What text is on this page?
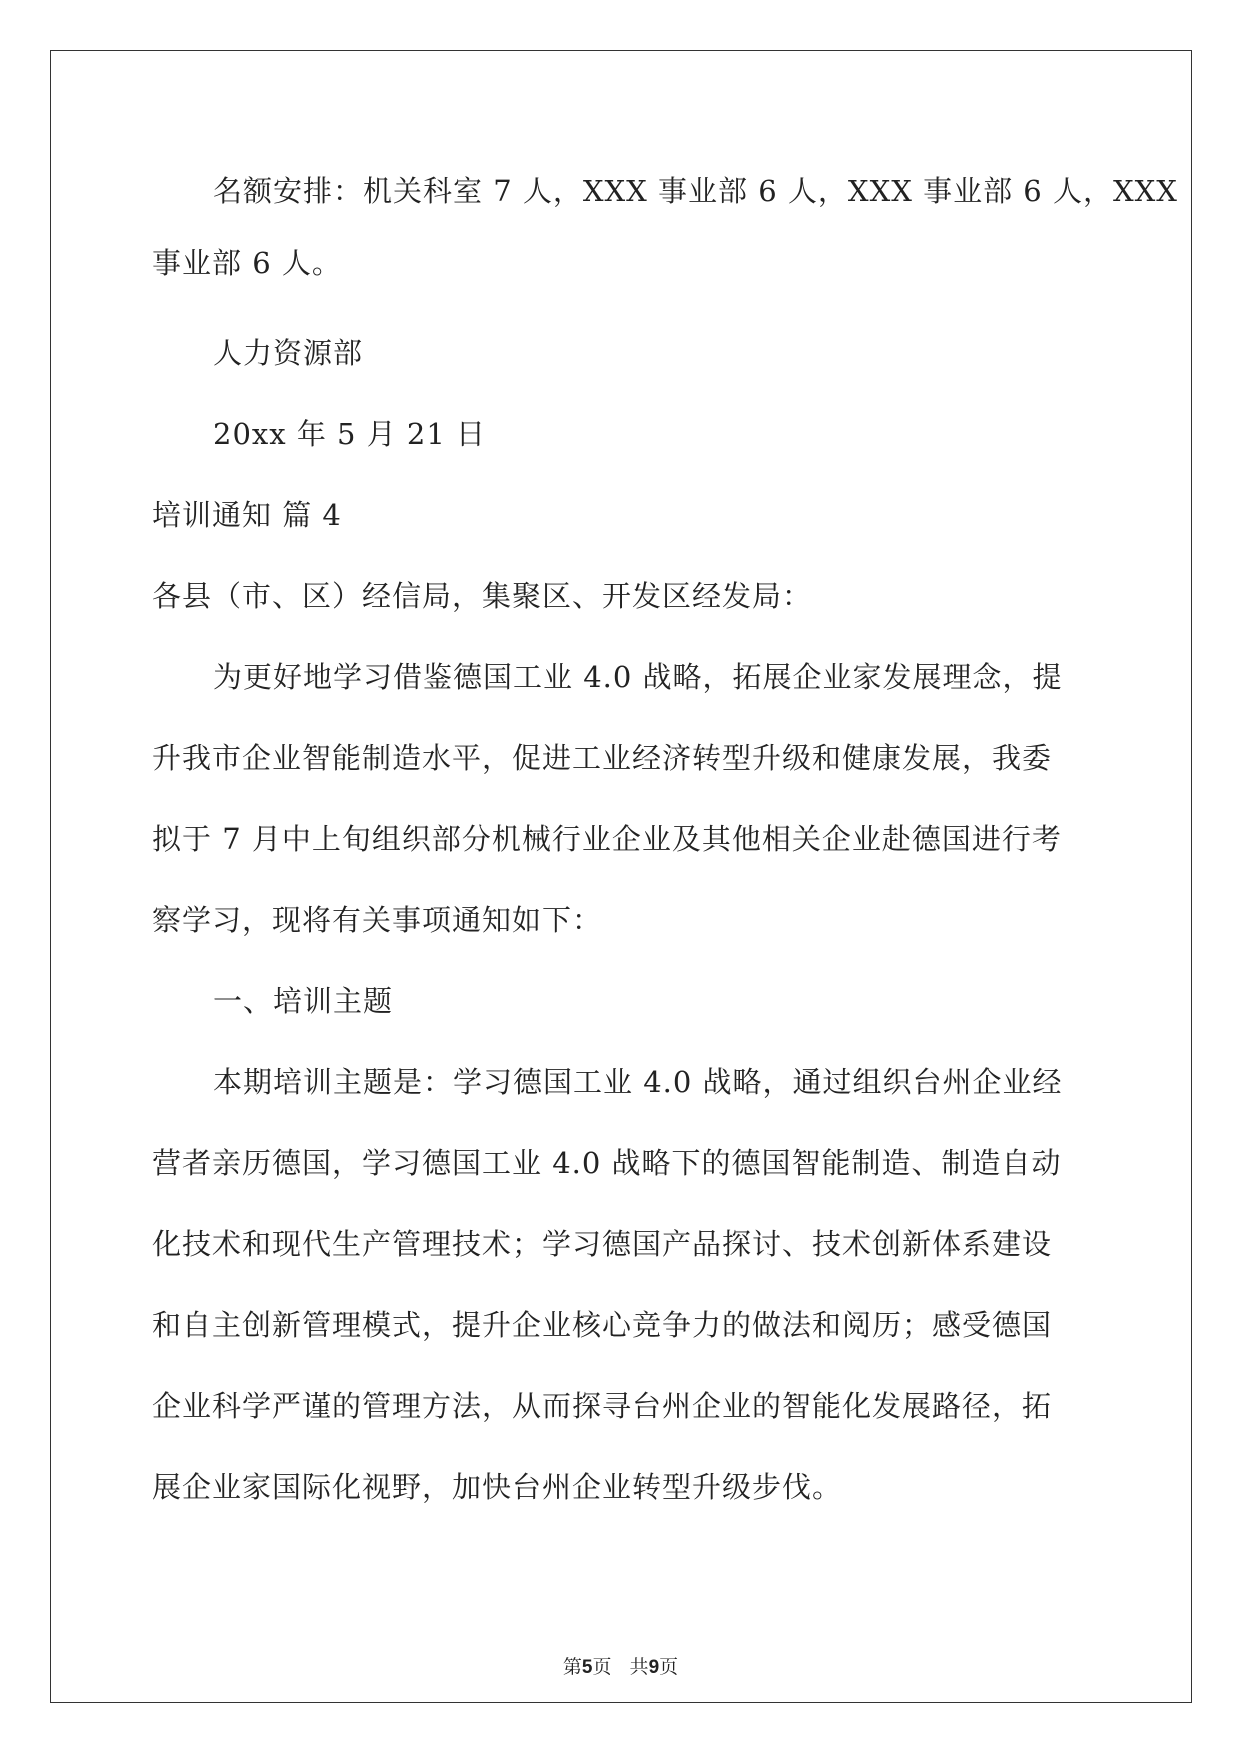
名额安排：机关科室 7 人，XXX 事业部 6 人，XXX 事业部 6 人，XXX
事业部 6 人。
人力资源部
20xx 年 5 月 21 日
培训通知 篇 4
各县（市、区）经信局，集聚区、开发区经发局：
为更好地学习借鉴德国工业 4.0 战略，拓展企业家发展理念，提
升我市企业智能制造水平，促进工业经济转型升级和健康发展，我委
拟于 7 月中上旬组织部分机械行业企业及其他相关企业赴德国进行考
察学习，现将有关事项通知如下：
一、培训主题
本期培训主题是：学习德国工业 4.0 战略，通过组织台州企业经
营者亲历德国，学习德国工业 4.0 战略下的德国智能制造、制造自动
化技术和现代生产管理技术；学习德国产品探讨、技术创新体系建设
和自主创新管理模式，提升企业核心竞争力的做法和阅历；感受德国
企业科学严谨的管理方法，从而探寻台州企业的智能化发展路径，拓
展企业家国际化视野，加快台州企业转型升级步伐。
第5页   共9页
